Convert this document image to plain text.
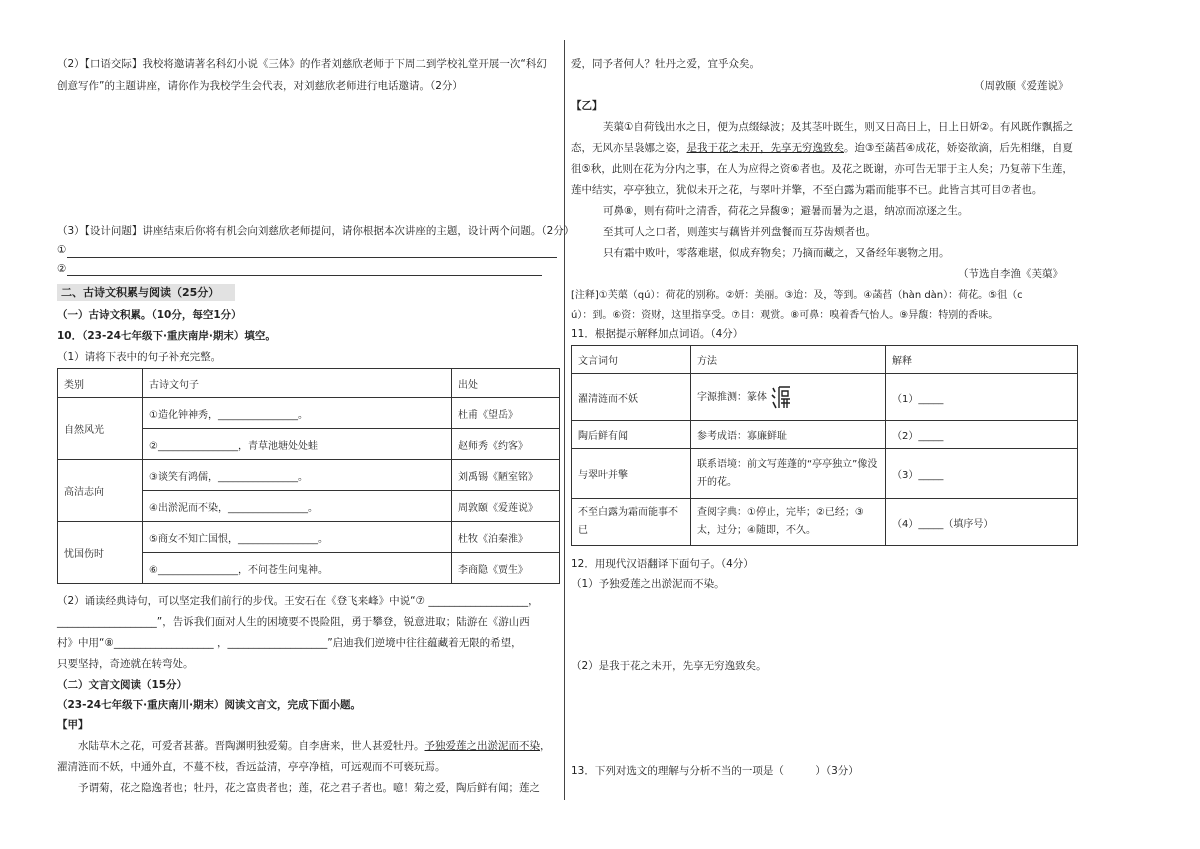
（2）【口语交际】我校将邀请著名科幻小说《三体》的作者刘慈欣老师于下周二到学校礼堂开展一次“科幻
创意写作”的主题讲座，请你作为我校学生会代表，对刘慈欣老师进行电话邀请。（2分）
（3）【设计问题】讲座结束后你将有机会向刘慈欣老师提问，请你根据本次讲座的主题，设计两个问题。（2分）
①
②
二、古诗文积累与阅读（25分）
（一）古诗文积累。（10分，每空1分）
10．（23-24七年级下·重庆南岸·期末）填空。
（1）请将下表中的句子补充完整。
类别	古诗文句子	出处
自然风光	①造化钟神秀，________________。	杜甫《望岳》
	②________________，青草池塘处处蛙	赵师秀《约客》
高洁志向	③谈笑有鸿儒，________________。	刘禹锡《陋室铭》
	④出淤泥而不染，________________。	周敦颐《爱莲说》
忧国伤时	⑤商女不知亡国恨，________________。	杜牧《泊秦淮》
	⑥________________，不问苍生问鬼神。	李商隐《贾生》
（2）诵读经典诗句，可以坚定我们前行的步伐。王安石在《登飞来峰》中说“⑦ ___________________，
___________________”，告诉我们面对人生的困境要不畏险阻，勇于攀登，锐意进取；陆游在《游山西
村》中用“⑧___________________ ，___________________”启迪我们逆境中往往蕴藏着无限的希望，
只要坚持，奇迹就在转弯处。
（二）文言文阅读（15分）
（23-24七年级下·重庆南川·期末）阅读文言文，完成下面小题。
【甲】
水陆草木之花，可爱者甚蕃。晋陶渊明独爱菊。自李唐来，世人甚爱牡丹。予独爱莲之出淤泥而不染，
濯清涟而不妖，中通外直，不蔓不枝，香远益清，亭亭净植，可远观而不可亵玩焉。
予谓菊，花之隐逸者也；牡丹，花之富贵者也；莲，花之君子者也。噫！菊之爱，陶后鲜有闻；莲之
爱，同予者何人？牡丹之爱，宜乎众矣。
（周敦颐《爱莲说》
【乙】
芙蕖①自荷钱出水之日，便为点缀绿波；及其茎叶既生，则又日高日上，日上日妍②。有风既作飘摇之
态，无风亦呈袅娜之姿，是我于花之未开，先享无穷逸致矣。迨③至菡萏④成花，娇姿欲滴，后先相继，自夏
徂⑤秋，此则在花为分内之事，在人为应得之资⑥者也。及花之既谢，亦可告无罪于主人矣；乃复蒂下生莲，
莲中结实，亭亭独立，犹似未开之花，与翠叶并擎，不至白露为霜而能事不已。此皆言其可目⑦者也。
可鼻⑧，则有荷叶之清香，荷花之异馥⑨；避暑而暑为之退，纳凉而凉逐之生。
至其可人之口者，则莲实与藕皆并列盘餐而互芬齿颊者也。
只有霜中败叶，零落难堪，似成弃物矣；乃摘而藏之，又备经年裹物之用。
（节选自李渔《芙蕖》
[注释]①芙蕖（qú）：荷花的别称。②妍：美丽。③迨：及，等到。④菡萏（hàn dàn）：荷花。⑤徂（c
ú）：到。⑥资：资财，这里指享受。⑦目：观赏。⑧可鼻：嗅着香气怡人。⑨异馥：特别的香味。
11．根据提示解释加点词语。（4分）
文言词句	方法	解释
濯清涟而不妖	字源推测：篆体	（1）_____
陶后鲜有闻	参考成语：寡廉鲜耻	（2）_____
与翠叶并擎	联系语境：前文写莲蓬的“亭亭独立”像没开的花。	（3）_____
不至白露为霜而能事不已	查阅字典：①停止，完毕；②已经；③太，过分；④随即，不久。	（4）_____（填序号）
12．用现代汉语翻译下面句子。（4分）
（1）予独爱莲之出淤泥而不染。
（2）是我于花之未开，先享无穷逸致矣。
13．下列对选文的理解与分析不当的一项是（　　　）（3分）
